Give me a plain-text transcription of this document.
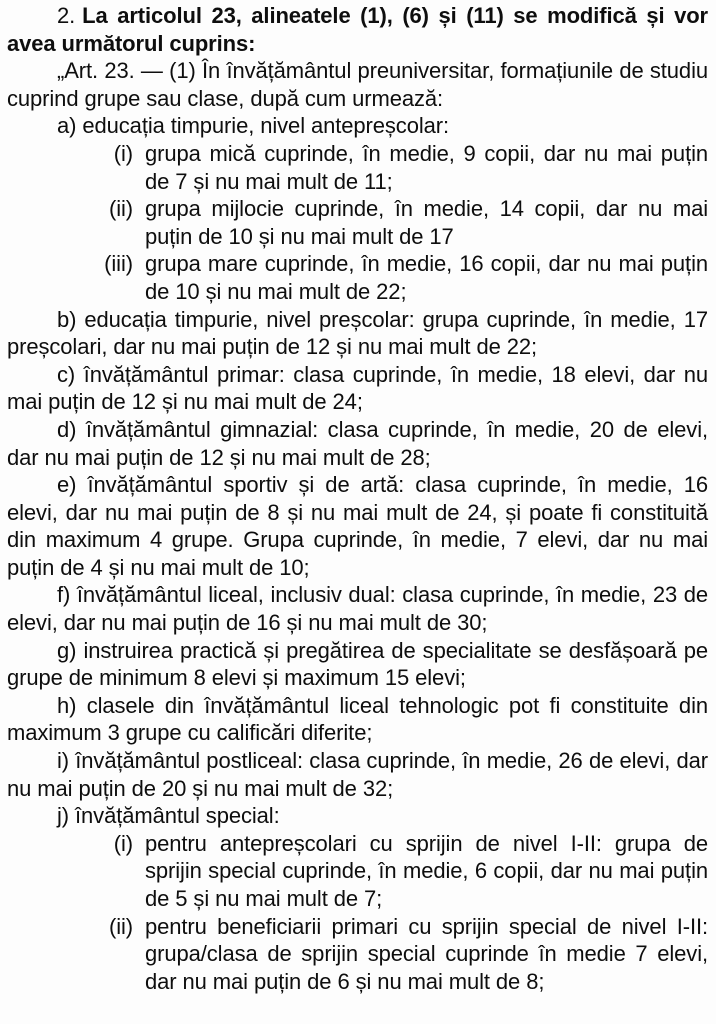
2. La articolul 23, alineatele (1), (6) și (11) se modifică și vor avea următorul cuprins:

„Art. 23. — (1) În învățământul preuniversitar, formațiunile de studiu cuprind grupe sau clase, după cum urmează:

a) educația timpurie, nivel antepreșcolar:

(i) grupa mică cuprinde, în medie, 9 copii, dar nu mai puțin de 7 și nu mai mult de 11;
(ii) grupa mijlocie cuprinde, în medie, 14 copii, dar nu mai puțin de 10 și nu mai mult de 17
(iii) grupa mare cuprinde, în medie, 16 copii, dar nu mai puțin de 10 și nu mai mult de 22;

b) educația timpurie, nivel preșcolar: grupa cuprinde, în medie, 17 preșcolari, dar nu mai puțin de 12 și nu mai mult de 22;

c) învățământul primar: clasa cuprinde, în medie, 18 elevi, dar nu mai puțin de 12 și nu mai mult de 24;

d) învățământul gimnazial: clasa cuprinde, în medie, 20 de elevi, dar nu mai puțin de 12 și nu mai mult de 28;

e) învățământul sportiv și de artă: clasa cuprinde, în medie, 16 elevi, dar nu mai puțin de 8 și nu mai mult de 24, și poate fi constituită din maximum 4 grupe. Grupa cuprinde, în medie, 7 elevi, dar nu mai puțin de 4 și nu mai mult de 10;

f) învățământul liceal, inclusiv dual: clasa cuprinde, în medie, 23 de elevi, dar nu mai puțin de 16 și nu mai mult de 30;

g) instruirea practică și pregătirea de specialitate se desfășoară pe grupe de minimum 8 elevi și maximum 15 elevi;

h) clasele din învățământul liceal tehnologic pot fi constituite din maximum 3 grupe cu calificări diferite;

i) învățământul postliceal: clasa cuprinde, în medie, 26 de elevi, dar nu mai puțin de 20 și nu mai mult de 32;

j) învățământul special:

(i) pentru antepreșcolari cu sprijin de nivel I-II: grupa de sprijin special cuprinde, în medie, 6 copii, dar nu mai puțin de 5 și nu mai mult de 7;
(ii) pentru beneficiarii primari cu sprijin special de nivel I-II: grupa/clasa de sprijin special cuprinde în medie 7 elevi, dar nu mai puțin de 6 și nu mai mult de 8;
